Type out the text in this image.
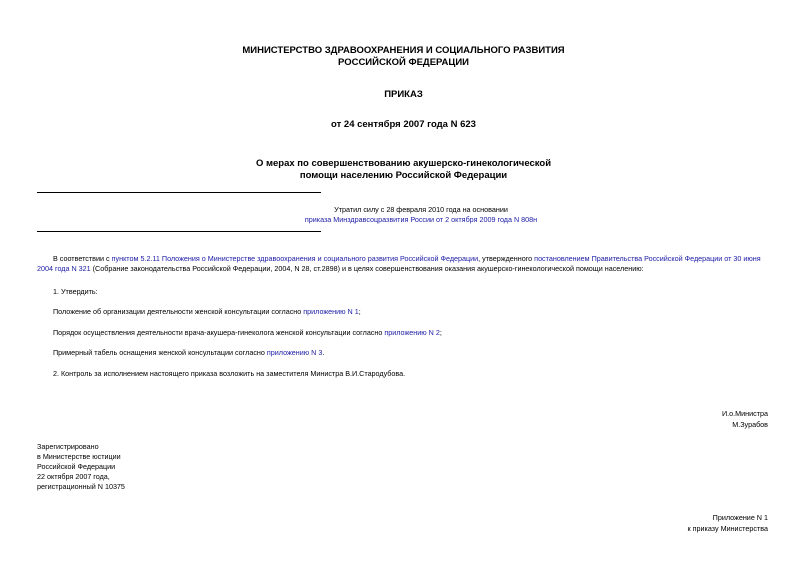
МИНИСТЕРСТВО ЗДРАВООХРАНЕНИЯ И СОЦИАЛЬНОГО РАЗВИТИЯ
РОССИЙСКОЙ ФЕДЕРАЦИИ
ПРИКАЗ
от 24 сентября 2007 года N 623
О мерах по совершенствованию акушерско-гинекологической
помощи населению Российской Федерации
Утратил силу с 28 февраля 2010 года на основании
приказа Минздравсоцразвития России от 2 октября 2009 года N 808н
В соответствии с пунктом 5.2.11 Положения о Министерстве здравоохранения и социального развития Российской Федерации, утвержденного постановлением Правительства Российской Федерации от 30 июня 2004 года N 321 (Собрание законодательства Российской Федерации, 2004, N 28, ст.2898) и в целях совершенствования оказания акушерско-гинекологической помощи населению:
1. Утвердить:
Положение об организации деятельности женской консультации согласно приложению N 1;
Порядок осуществления деятельности врача-акушера-гинеколога женской консультации согласно приложению N 2;
Примерный табель оснащения женской консультации согласно приложению N 3.
2. Контроль за исполнением настоящего приказа возложить на заместителя Министра В.И.Стародубова.
И.о.Министра
М.Зурабов
Зарегистрировано
в Министерстве юстиции
Российской Федерации
22 октября 2007 года,
регистрационный N 10375
Приложение N 1
к приказу Министерства
